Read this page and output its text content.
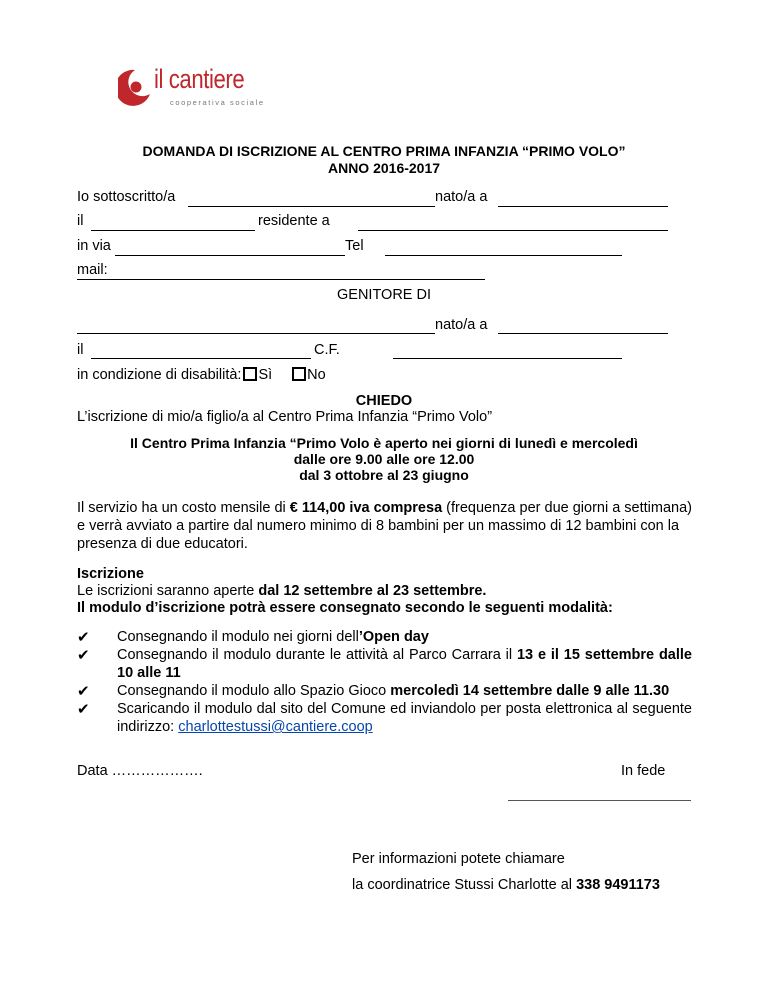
il cantiere
cooperativa sociale
DOMANDA DI ISCRIZIONE AL CENTRO PRIMA INFANZIA “PRIMO VOLO”
ANNO 2016-2017
Io sottoscritto/a	nato/a a
il	residente a
in via	Tel
mail:
GENITORE DI
nato/a a
il	C.F.
in condizione di disabilità: Sì No
CHIEDO
L’iscrizione di mio/a figlio/a al Centro Prima Infanzia “Primo Volo”
Il Centro Prima Infanzia “Primo Volo è aperto nei giorni di lunedì e mercoledì
dalle ore 9.00 alle ore 12.00
dal 3 ottobre al 23 giugno
Il servizio ha un costo mensile di € 114,00 iva compresa (frequenza per due giorni a settimana) e verrà avviato a partire dal numero minimo di 8 bambini per un massimo di 12 bambini con la presenza di due educatori.
Iscrizione
Le iscrizioni saranno aperte dal 12 settembre al 23 settembre.
Il modulo d’iscrizione potrà essere consegnato secondo le seguenti modalità:
✔ Consegnando il modulo nei giorni dell’Open day
✔ Consegnando il modulo durante le attività al Parco Carrara il 13 e il 15 settembre dalle 10 alle 11
✔ Consegnando il modulo allo Spazio Gioco mercoledì 14 settembre dalle 9 alle 11.30
✔ Scaricando il modulo dal sito del Comune ed inviandolo per posta elettronica al seguente indirizzo: charlottestussi@cantiere.coop
Data ……………….	In fede
Per informazioni potete chiamare
la coordinatrice Stussi Charlotte al 338 9491173
